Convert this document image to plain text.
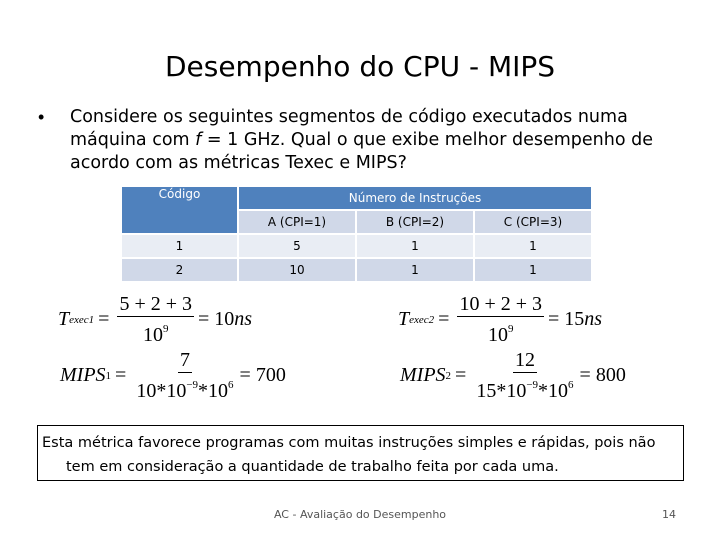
Desempenho do CPU - MIPS
• Considere os seguintes segmentos de código executados numa máquina com f = 1 GHz. Qual o que exibe melhor desempenho de acordo com as métricas Texec e MIPS?
Código	Número de Instruções		
	A (CPI=1)	B (CPI=2)	C (CPI=3)
1	5	1	1
2	10	1	1
T exec1 = $\frac{5 + 2 + 3}{10^9} = 10$ ns	T exec2 = $\frac{10 + 2 + 3}{10^9} = 15$ ns
MIPS $1 = \frac{7}{10*10^{-9}*10^6} = 700$	MIPS $2 = \frac{12}{15*10^{-9}*10^6} = 800$
Esta métrica favorece programas com muitas instruções simples e rápidas, pois não
tem em consideração a quantidade de trabalho feita por cada uma.
AC - Avaliação do Desempenho	14
